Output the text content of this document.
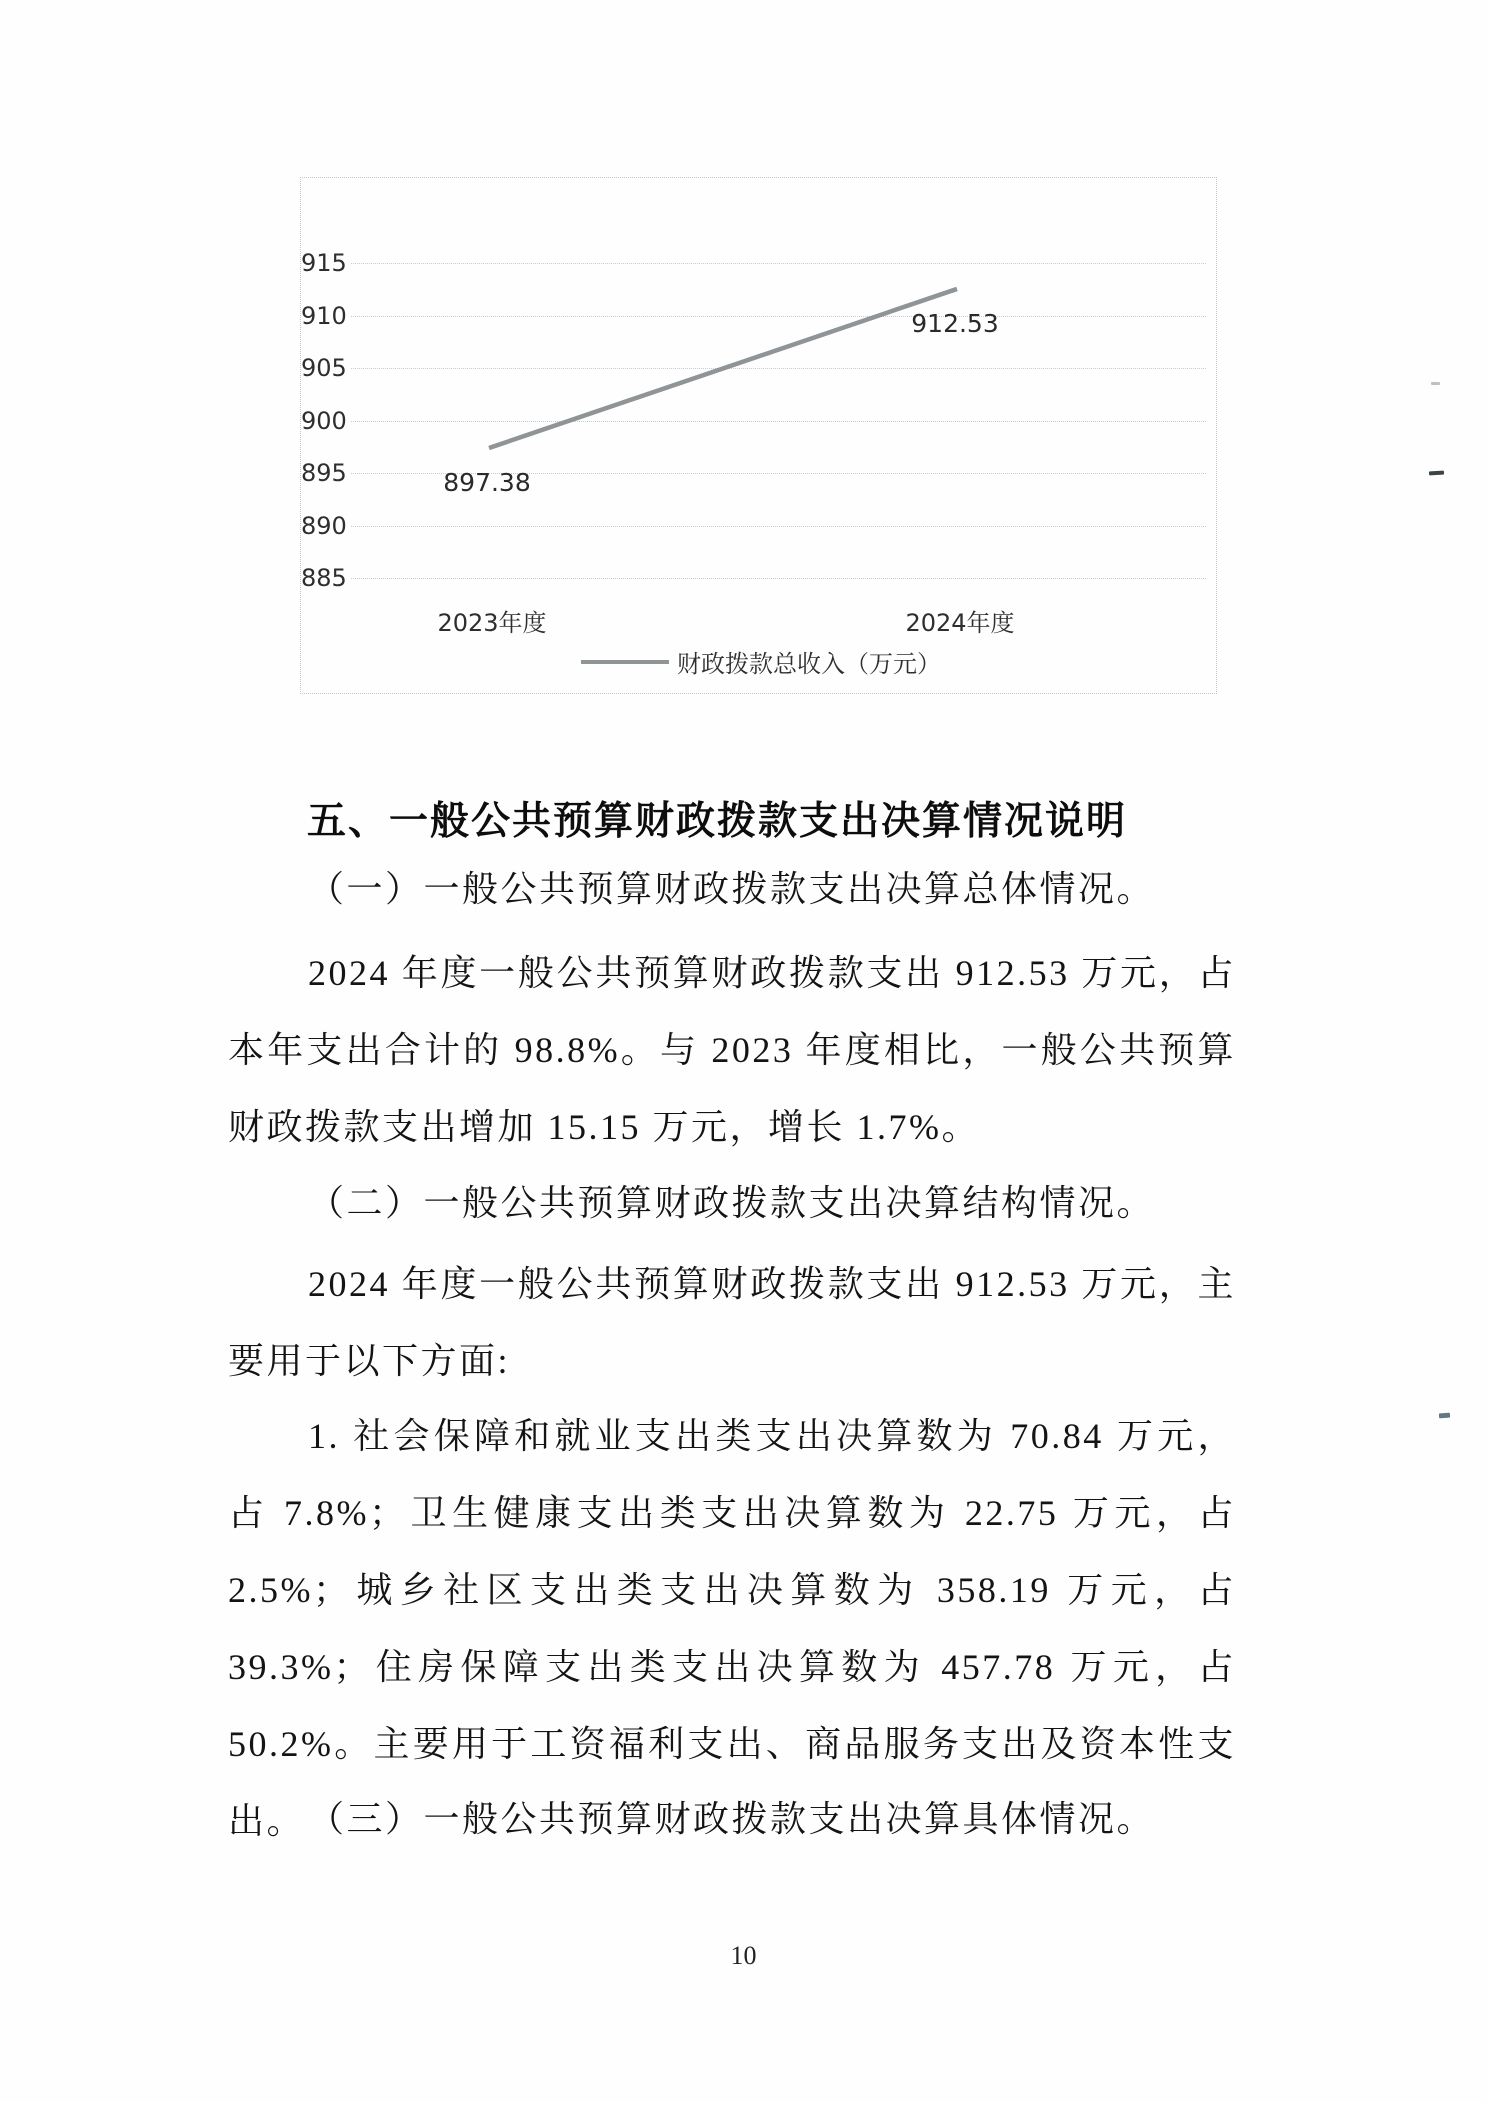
915
910
905
900
895
890
885
897.38
2023年度
912.53
2024年度
财政拨款总收入（万元）
五、一般公共预算财政拨款支出决算情况说明
（一）一般公共预算财政拨款支出决算总体情况。
2024 年度一般公共预算财政拨款支出 912.53 万元，占本年支出合计的 98.8%。与 2023 年度相比，一般公共预算财政拨款支出增加 15.15 万元，增长 1.7%。
（二）一般公共预算财政拨款支出决算结构情况。
2024 年度一般公共预算财政拨款支出 912.53 万元，主要用于以下方面:
1. 社会保障和就业支出类支出决算数为 70.84 万元，占 7.8%；卫生健康支出类支出决算数为 22.75 万元，占 2.5%；城乡社区支出类支出决算数为 358.19 万元，占 39.3%；住房保障支出类支出决算数为 457.78 万元，占 50.2%。主要用于工资福利支出、商品服务支出及资本性支出。 （三）一般公共预算财政拨款支出决算具体情况。
10
